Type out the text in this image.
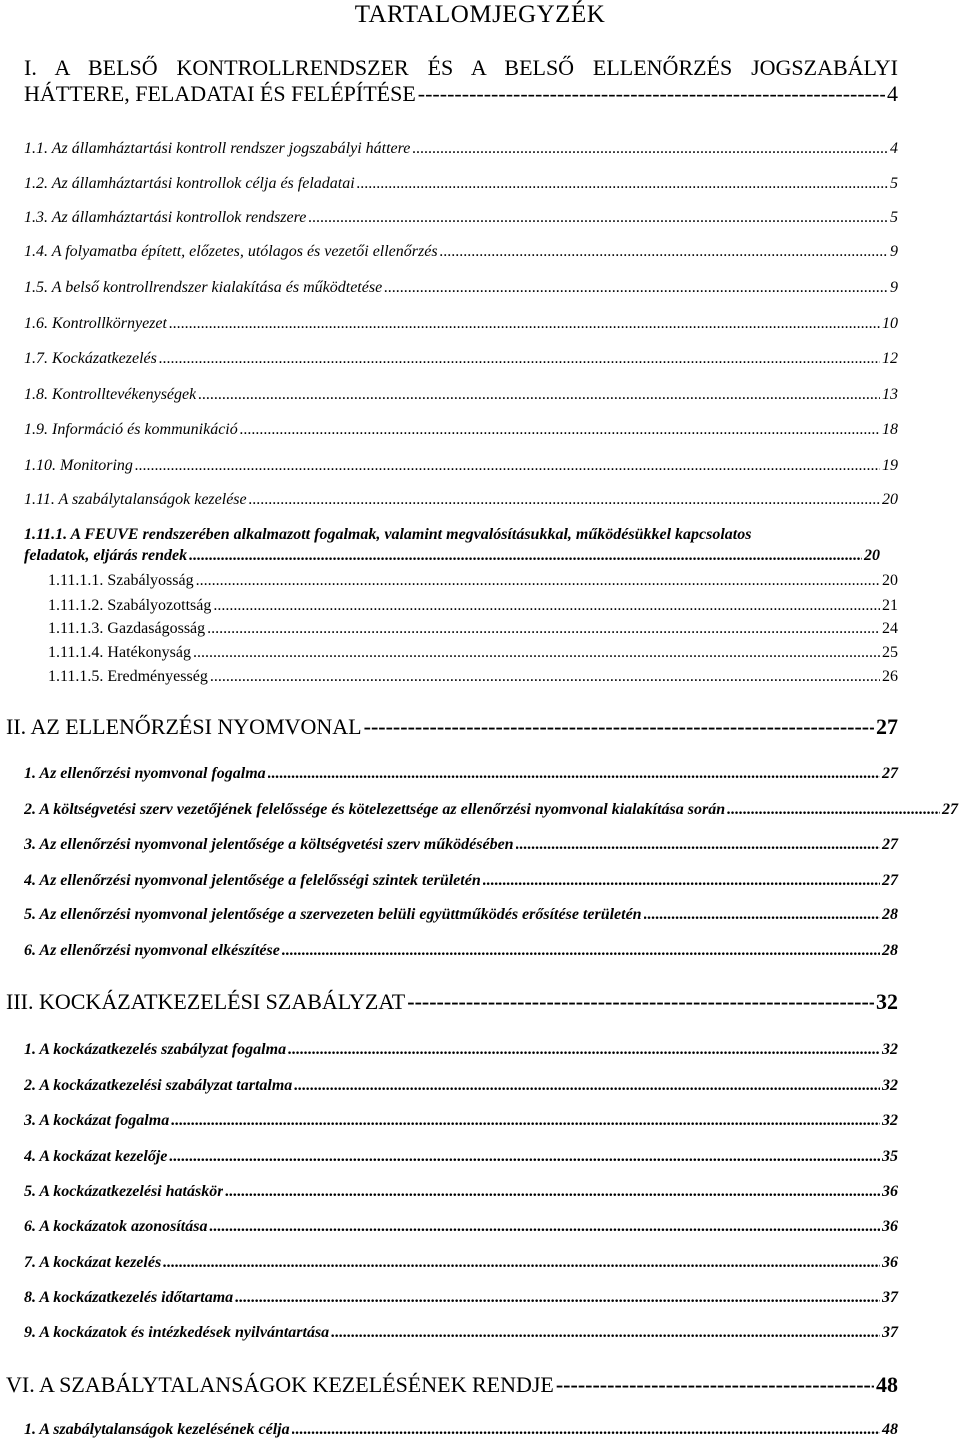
TARTALOMJEGYZÉK
I. A BELSŐ KONTROLLRENDSZER ÉS A BELSŐ ELLENŐRZÉS JOGSZABÁLYI
HÁTTERE, FELADATAI ÉS FELÉPÍTÉSE -----	4
1.1. Az államháztartási kontroll rendszer jogszabályi háttere .....	4
1.2. Az államháztartási kontrollok célja és feladatai .....	5
1.3. Az államháztartási kontrollok rendszere .....	5
1.4. A folyamatba épített, előzetes, utólagos és vezetői ellenőrzés .....	9
1.5. A belső kontrollrendszer kialakítása és működtetése .....	9
1.6. Kontrollkörnyezet .....	10
1.7. Kockázatkezelés .....	12
1.8. Kontrolltevékenységek .....	13
1.9. Információ és kommunikáció .....	18
1.10. Monitoring .....	19
1.11. A szabálytalanságok kezelése .....	20
1.11.1. A FEUVE rendszerében alkalmazott fogalmak, valamint megvalósításukkal, működésükkel kapcsolatos
feladatok, eljárás rendek .....	20
1.11.1.1. Szabályosság .....	20
1.11.1.2. Szabályozottság .....	21
1.11.1.3. Gazdaságosság .....	24
1.11.1.4. Hatékonyság .....	25
1.11.1.5. Eredményesség .....	26
II. AZ ELLENŐRZÉSI NYOMVONAL -----	27
1. Az ellenőrzési nyomvonal fogalma .....	27
2. A költségvetési szerv vezetőjének felelőssége és kötelezettsége az ellenőrzési nyomvonal kialakítása során .....	27
3. Az ellenőrzési nyomvonal jelentősége a költségvetési szerv működésében .....	27
4. Az ellenőrzési nyomvonal jelentősége a felelősségi szintek területén .....	27
5. Az ellenőrzési nyomvonal jelentősége a szervezeten belüli együttműködés erősítése területén .....	28
6. Az ellenőrzési nyomvonal elkészítése .....	28
III. KOCKÁZATKEZELÉSI SZABÁLYZAT -----	32
1. A kockázatkezelés szabályzat fogalma .....	32
2. A kockázatkezelési szabályzat tartalma .....	32
3. A kockázat fogalma .....	32
4. A kockázat kezelője .....	35
5. A kockázatkezelési hatáskör .....	36
6. A kockázatok azonosítása .....	36
7. A kockázat kezelés .....	36
8. A kockázatkezelés időtartama .....	37
9. A kockázatok és intézkedések nyilvántartása .....	37
VI. A SZABÁLYTALANSÁGOK KEZELÉSÉNEK RENDJE -----	48
1. A szabálytalanságok kezelésének célja .....	48
